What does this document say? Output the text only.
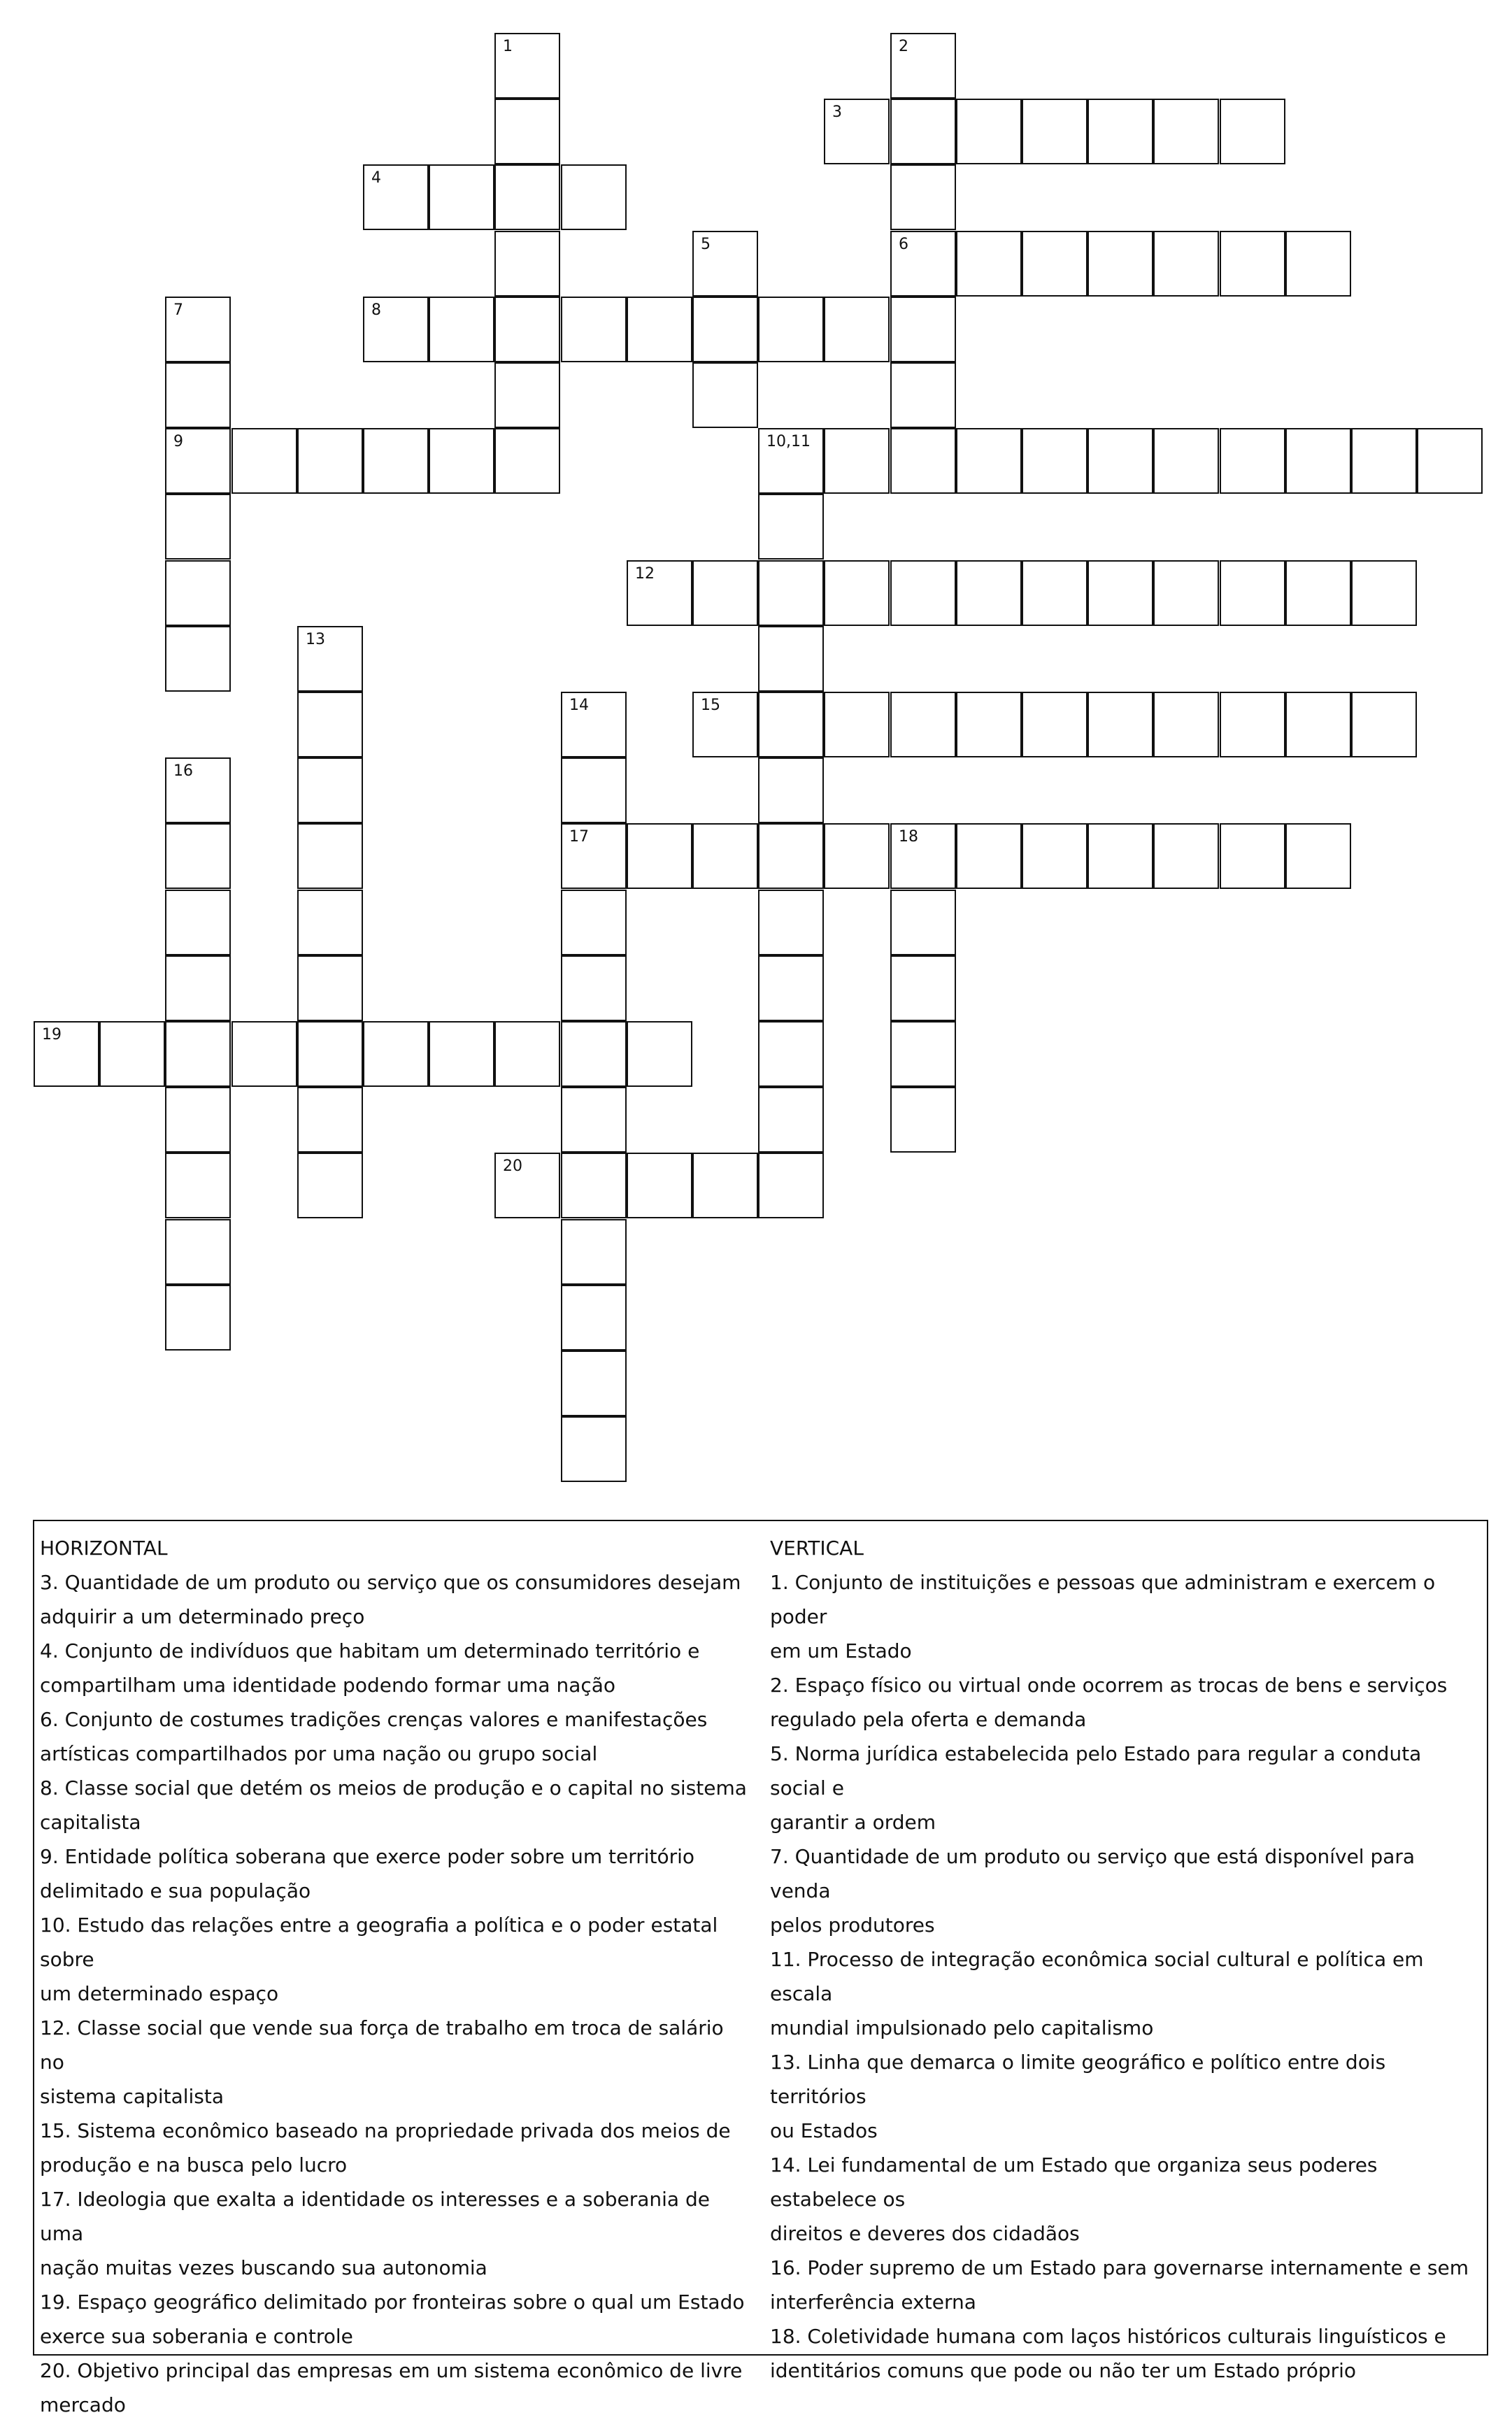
1	2
3
4
5	6
7	8
9	10,11
12
13
14	15
16
17	18
19
20
HORIZONTAL

3. Quantidade de um produto ou serviço que os consumidores desejam

adquirir a um determinado preço

4. Conjunto de indivíduos que habitam um determinado território e

compartilham uma identidade podendo formar uma nação

6. Conjunto de costumes tradições crenças valores e manifestações

artísticas compartilhados por uma nação ou grupo social

8. Classe social que detém os meios de produção e o capital no sistema

capitalista

9. Entidade política soberana que exerce poder sobre um território

delimitado e sua população

10. Estudo das relações entre a geografia a política e o poder estatal sobre

um determinado espaço

12. Classe social que vende sua força de trabalho em troca de salário no

sistema capitalista

15. Sistema econômico baseado na propriedade privada dos meios de

produção e na busca pelo lucro

17. Ideologia que exalta a identidade os interesses e a soberania de uma

nação muitas vezes buscando sua autonomia

19. Espaço geográfico delimitado por fronteiras sobre o qual um Estado

exerce sua soberania e controle

20. Objetivo principal das empresas em um sistema econômico de livre

mercado

VERTICAL

1. Conjunto de instituições e pessoas que administram e exercem o poder

em um Estado

2. Espaço físico ou virtual onde ocorrem as trocas de bens e serviços

regulado pela oferta e demanda

5. Norma jurídica estabelecida pelo Estado para regular a conduta social e

garantir a ordem

7. Quantidade de um produto ou serviço que está disponível para venda

pelos produtores

11. Processo de integração econômica social cultural e política em escala

mundial impulsionado pelo capitalismo

13. Linha que demarca o limite geográfico e político entre dois territórios

ou Estados

14. Lei fundamental de um Estado que organiza seus poderes estabelece os

direitos e deveres dos cidadãos

16. Poder supremo de um Estado para governarse internamente e sem

interferência externa

18. Coletividade humana com laços históricos culturais linguísticos e

identitários comuns que pode ou não ter um Estado próprio
